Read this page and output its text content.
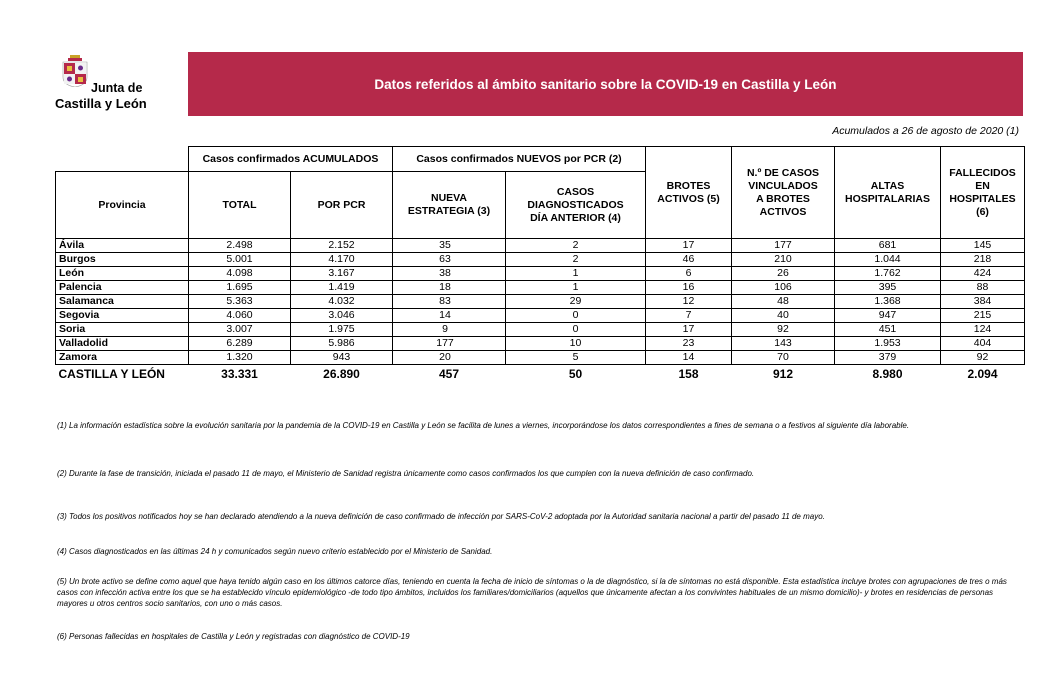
Junta de
Castilla y León
Datos referidos al ámbito sanitario sobre la COVID-19 en Castilla y León
Acumulados a 26 de agosto de 2020 (1)
	Casos confirmados ACUMULADOS		Casos confirmados NUEVOS por PCR (2)		BROTES
ACTIVOS (5)	N.º DE CASOS
VINCULADOS
A BROTES
ACTIVOS	ALTAS
HOSPITALARIAS	FALLECIDOS
EN
HOSPITALES
(6)
Provincia	TOTAL	POR PCR	NUEVA
ESTRATEGIA (3)	CASOS
DIAGNOSTICADOS
DÍA ANTERIOR (4)				
Ávila	2.498	2.152	35	2	17	177	681	145
Burgos	5.001	4.170	63	2	46	210	1.044	218
León	4.098	3.167	38	1	6	26	1.762	424
Palencia	1.695	1.419	18	1	16	106	395	88
Salamanca	5.363	4.032	83	29	12	48	1.368	384
Segovia	4.060	3.046	14	0	7	40	947	215
Soria	3.007	1.975	9	0	17	92	451	124
Valladolid	6.289	5.986	177	10	23	143	1.953	404
Zamora	1.320	943	20	5	14	70	379	92
CASTILLA Y LEÓN	33.331	26.890	457	50	158	912	8.980	2.094
(1) La información estadística sobre la evolución sanitaria por la pandemia de la COVID-19 en Castilla y León se facilita de lunes a viernes, incorporándose los datos correspondientes a fines de semana o a festivos al siguiente día laborable.
(2) Durante la fase de transición, iniciada el pasado 11 de mayo, el Ministerio de Sanidad registra únicamente como casos confirmados los que cumplen con la nueva definición de caso confirmado.
(3) Todos los positivos notificados hoy se han declarado atendiendo a la nueva definición de caso confirmado de infección por SARS-CoV-2 adoptada por la Autoridad sanitaria nacional a partir del pasado 11 de mayo.
(4) Casos diagnosticados en las últimas 24 h y comunicados según nuevo criterio establecido por el Ministerio de Sanidad.
(5) Un brote activo se define como aquel que haya tenido algún caso en los últimos catorce días, teniendo en cuenta la fecha de inicio de síntomas o la de diagnóstico, si la de síntomas no está disponible. Esta estadística incluye brotes con agrupaciones de tres o más casos con infección activa entre los que se ha establecido vínculo epidemiológico -de todo tipo ámbitos, incluidos los familiares/domiciliarios (aquellos que únicamente afectan a los convivintes habituales de un mismo domicilio)- y brotes en residencias de personas mayores u otros centros socio sanitarios, con uno o más casos.
(6) Personas fallecidas en hospitales de Castilla y León y registradas con diagnóstico de COVID-19
